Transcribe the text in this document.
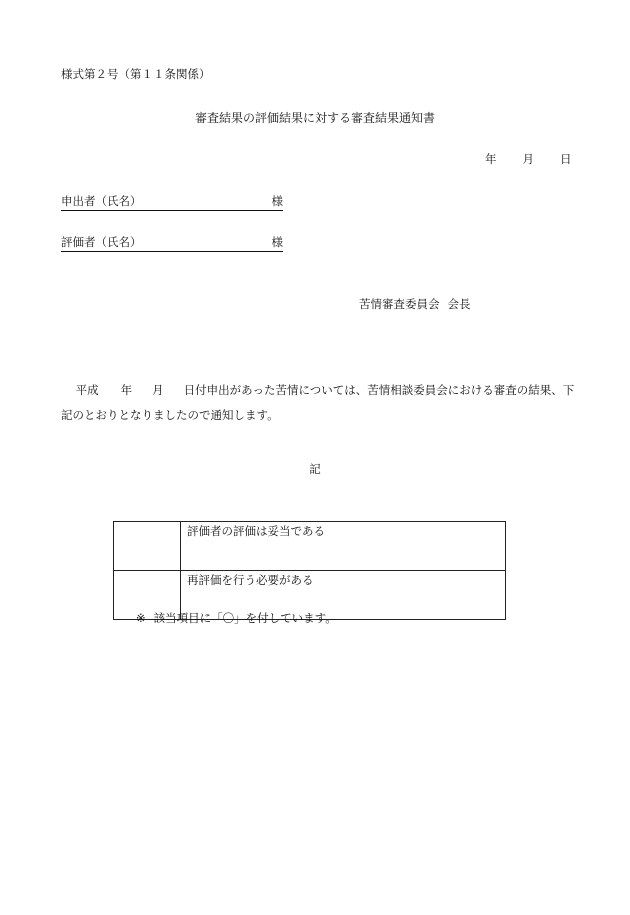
様式第２号（第１１条関係）
審査結果の評価結果に対する審査結果通知書
年 月 日
申出者（氏名）	様
評価者（氏名）	様
苦情審査委員会 会長
平成 年 月 日付申出があった苦情については、苦情相談委員会における審査の結果、下記のとおりとなりましたので通知します。
記
	評価者の評価は妥当である
	再評価を行う必要がある
※ 該当項目に「〇」を付しています。
